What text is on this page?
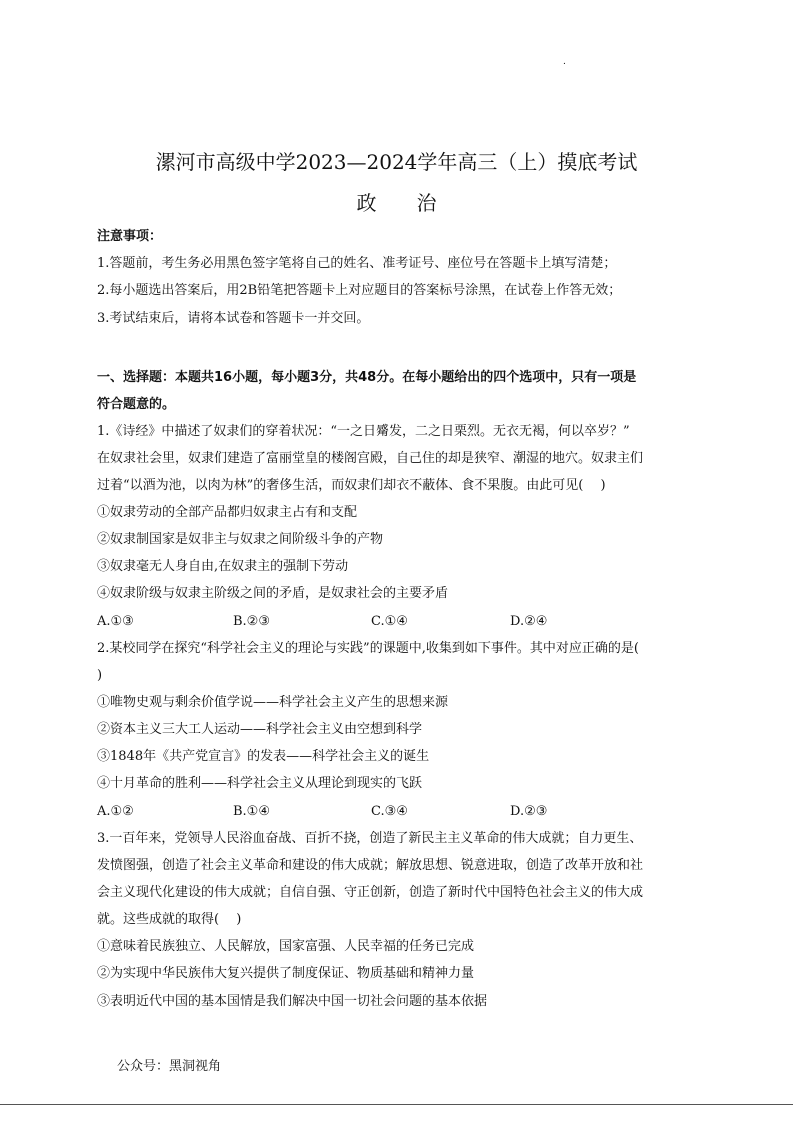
.
漯河市高级中学2023—2024学年高三（上）摸底考试
政　　治
注意事项：
1.答题前，考生务必用黑色签字笔将自己的姓名、准考证号、座位号在答题卡上填写清楚；
2.每小题选出答案后，用2B铅笔把答题卡上对应题目的答案标号涂黑，在试卷上作答无效；
3.考试结束后，请将本试卷和答题卡一并交回。
一、选择题：本题共16小题，每小题3分，共48分。在每小题给出的四个选项中，只有一项是
符合题意的。
1.《诗经》中描述了奴隶们的穿着状况：“一之日觱发，二之日栗烈。无衣无褐，何以卒岁？”
在奴隶社会里，奴隶们建造了富丽堂皇的楼阁宫殿，自己住的却是狭窄、潮湿的地穴。奴隶主们
过着“以酒为池，以肉为林”的奢侈生活，而奴隶们却衣不蔽体、食不果腹。由此可见(　 )
①奴隶劳动的全部产品都归奴隶主占有和支配
②奴隶制国家是奴非主与奴隶之间阶级斗争的产物
③奴隶毫无人身自由,在奴隶主的强制下劳动
④奴隶阶级与奴隶主阶级之间的矛盾，是奴隶社会的主要矛盾
A.①③	B.②③	C.①④	D.②④
2.某校同学在探究“科学社会主义的理论与实践”的课题中,收集到如下事件。其中对应正确的是(
)
①唯物史观与剩余价值学说——科学社会主义产生的思想来源
②资本主义三大工人运动——科学社会主义由空想到科学
③1848年《共产党宣言》的发表——科学社会主义的诞生
④十月革命的胜利——科学社会主义从理论到现实的飞跃
A.①②	B.①④	C.③④	D.②③
3.一百年来，党领导人民浴血奋战、百折不挠，创造了新民主主义革命的伟大成就；自力更生、
发愤图强，创造了社会主义革命和建设的伟大成就；解放思想、锐意进取，创造了改革开放和社
会主义现代化建设的伟大成就；自信自强、守正创新，创造了新时代中国特色社会主义的伟大成
就。这些成就的取得(　 )
①意味着民族独立、人民解放，国家富强、人民幸福的任务已完成
②为实现中华民族伟大复兴提供了制度保证、物质基础和精神力量
③表明近代中国的基本国情是我们解决中国一切社会问题的基本依据
公众号：黑洞视角
